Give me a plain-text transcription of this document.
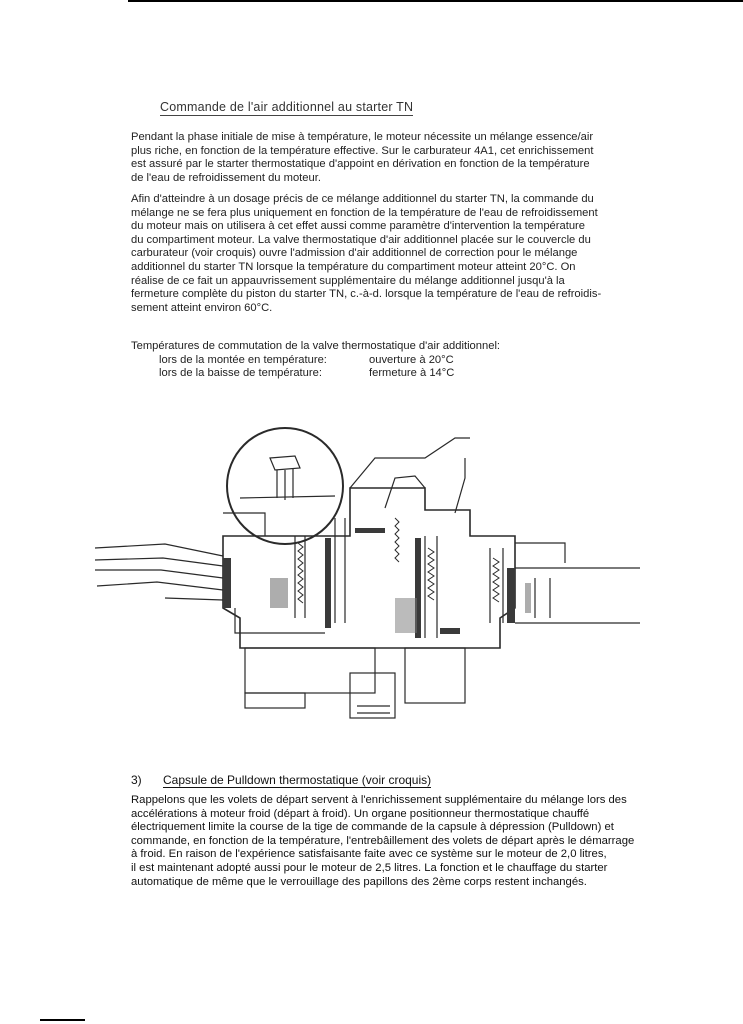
Commande de l'air additionnel au starter TN
Pendant la phase initiale de mise à température, le moteur nécessite un mélange essence/air
plus riche, en fonction de la température effective. Sur le carburateur 4A1, cet enrichissement
est assuré par le starter thermostatique d'appoint en dérivation en fonction de la température
de l'eau de refroidissement du moteur.
Afin d'atteindre à un dosage précis de ce mélange additionnel du starter TN, la commande du
mélange ne se fera plus uniquement en fonction de la température de l'eau de refroidissement
du moteur mais on utilisera à cet effet aussi comme paramètre d'intervention la température
du compartiment moteur. La valve thermostatique d'air additionnel placée sur le couvercle du
carburateur (voir croquis) ouvre l'admission d'air additionnel de correction pour le mélange
additionnel du starter TN lorsque la température du compartiment moteur atteint 20°C. On
réalise de ce fait un appauvrissement supplémentaire du mélange additionnel jusqu'à la
fermeture complète du piston du starter TN, c.-à-d. lorsque la température de l'eau de refroidis-
sement atteint environ 60°C.
Températures de commutation de la valve thermostatique d'air additionnel:
lors de la montée en température:	ouverture à 20°C
lors de la baisse de température:	fermeture à 14°C
3) Capsule de Pulldown thermostatique (voir croquis)
Rappelons que les volets de départ servent à l'enrichissement supplémentaire du mélange lors des
accélérations à moteur froid (départ à froid). Un organe positionneur thermostatique chauffé
électriquement limite la course de la tige de commande de la capsule à dépression (Pulldown) et
commande, en fonction de la température, l'entrebâillement des volets de départ après le démarrage
à froid. En raison de l'expérience satisfaisante faite avec ce système sur le moteur de 2,0 litres,
il est maintenant adopté aussi pour le moteur de 2,5 litres. La fonction et le chauffage du starter
automatique de même que le verrouillage des papillons des 2ème corps restent inchangés.
